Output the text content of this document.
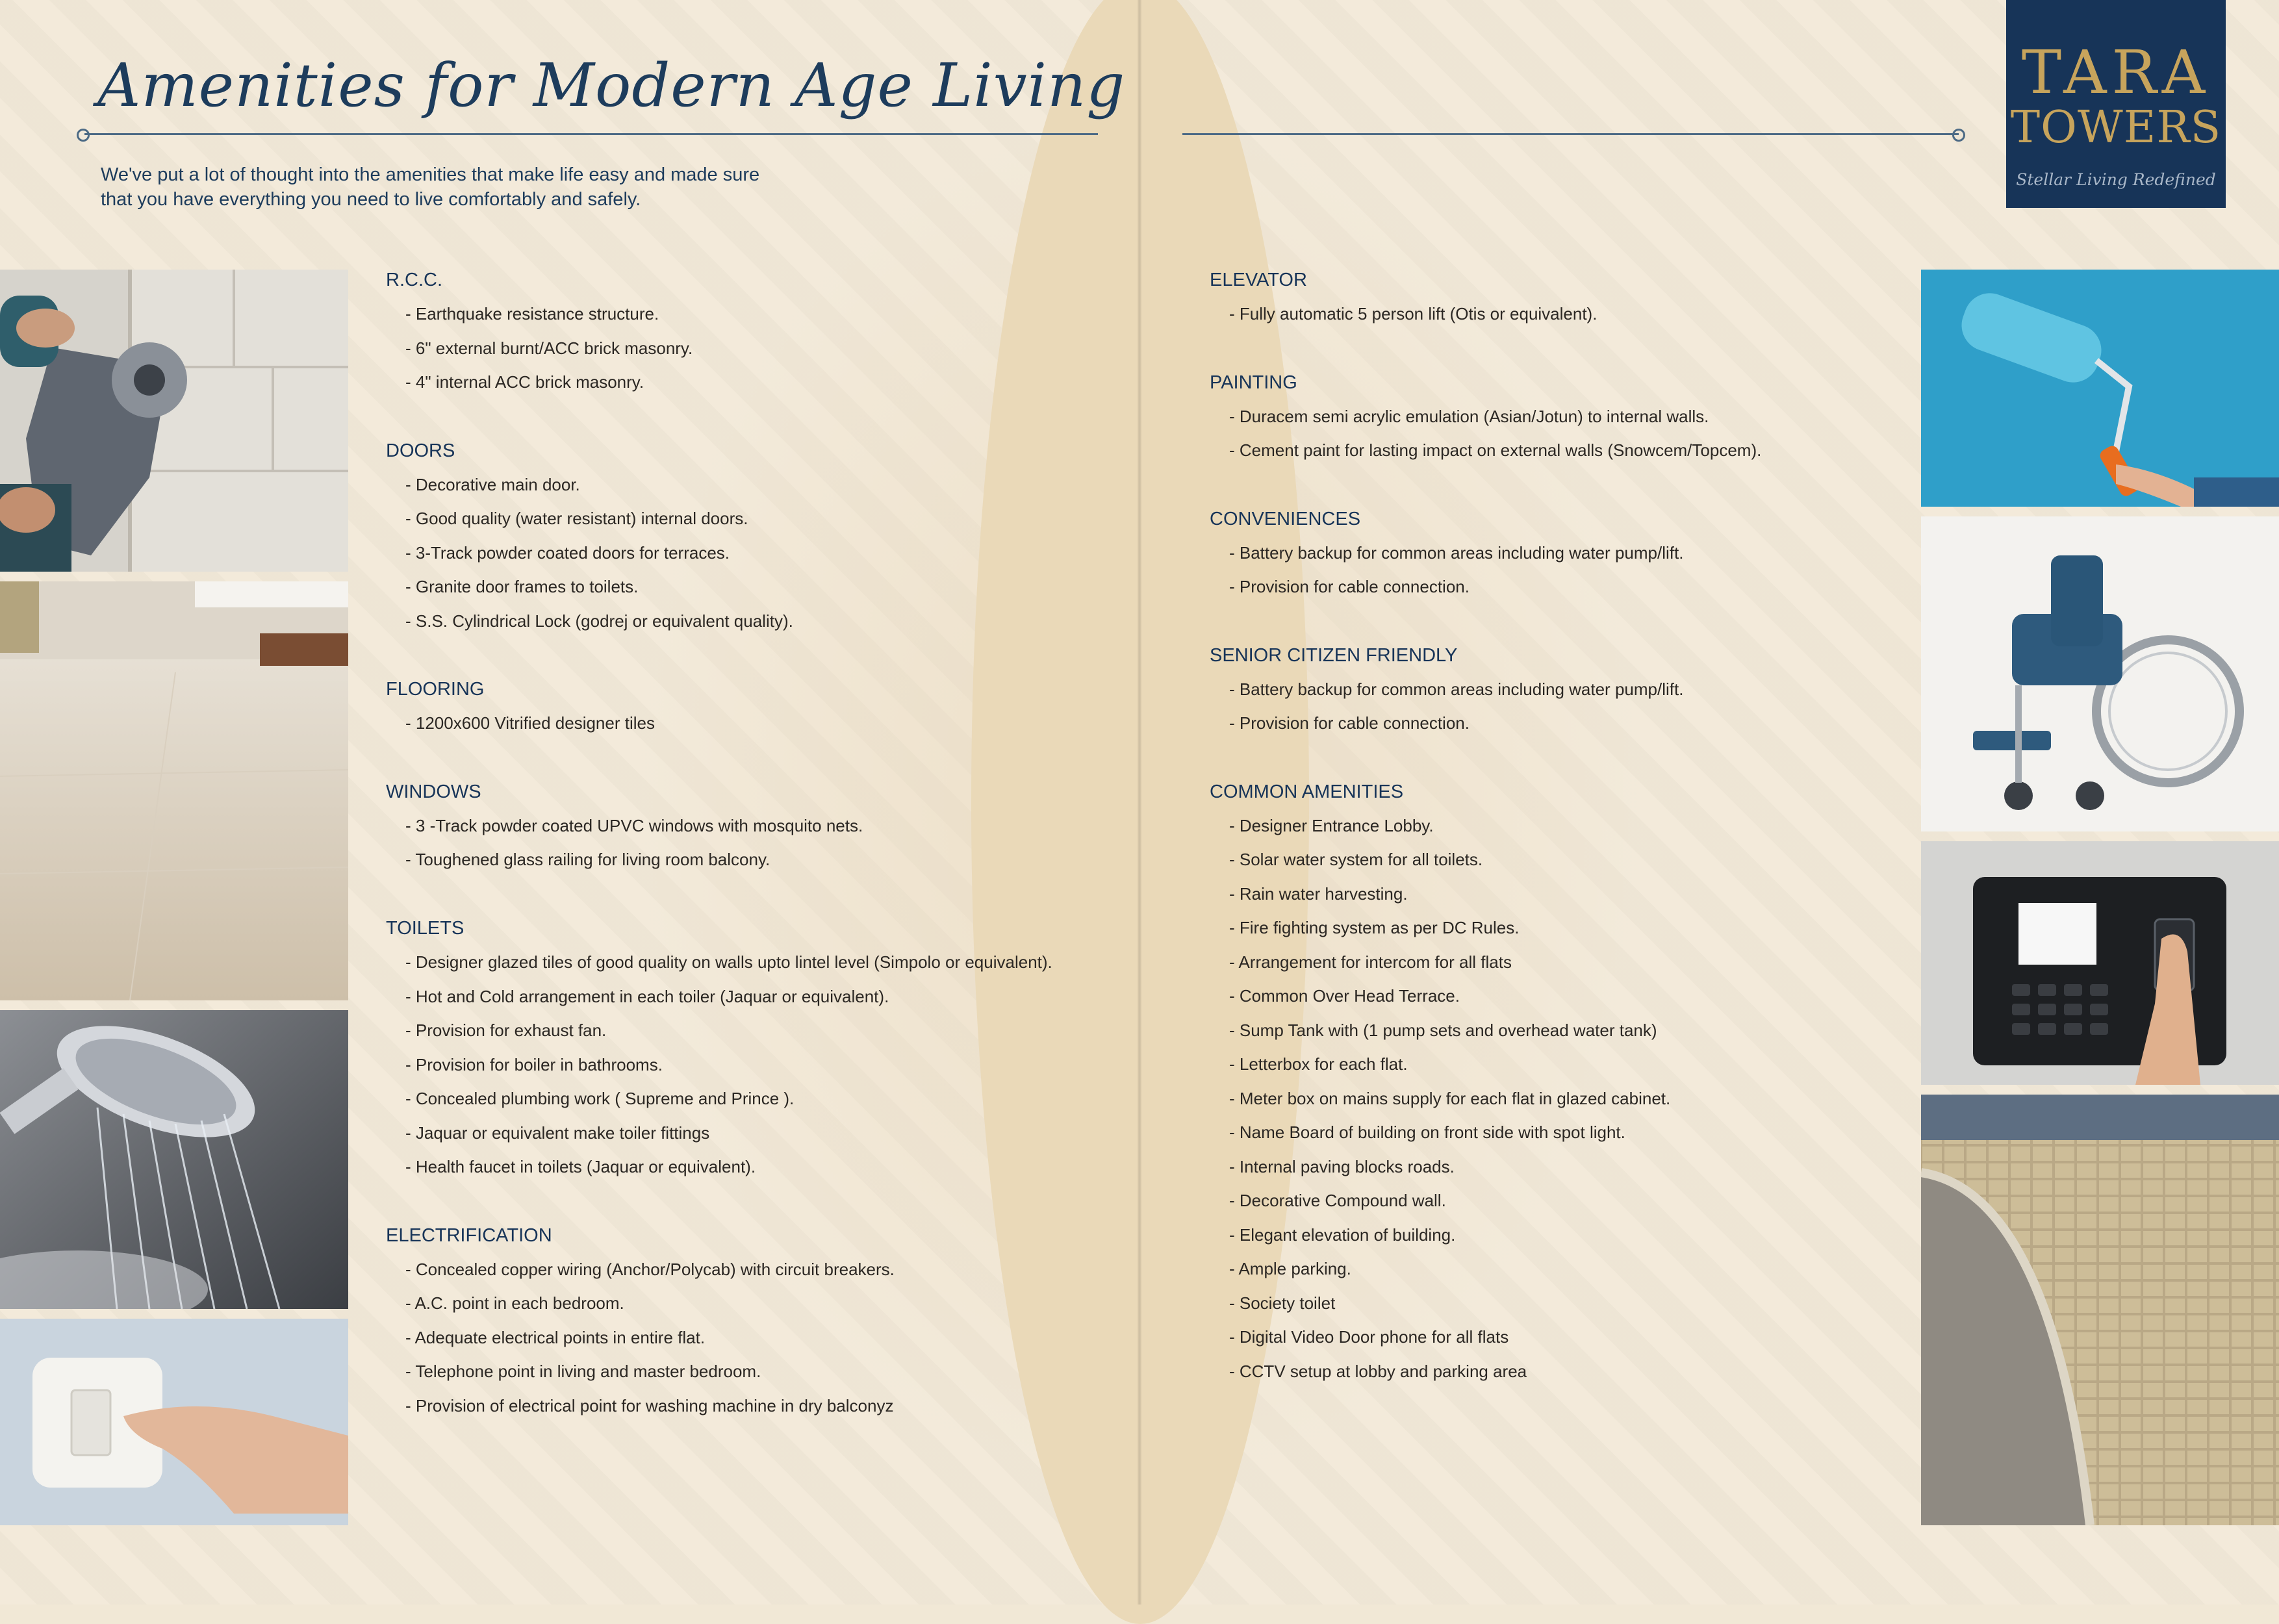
Amenities for Modern Age Living

We've put a lot of thought into the amenities that make life easy and made sure
that you have everything you need to live comfortably and safely.

TARA
TOWERS
Stellar Living Redefined
R.C.C.

- Earthquake resistance structure.

- 6" external burnt/ACC brick masonry.

- 4" internal ACC brick masonry.

DOORS

- Decorative main door.

- Good quality (water resistant) internal doors.

- 3-Track powder coated doors for terraces.

- Granite door frames to toilets.

- S.S. Cylindrical Lock (godrej or equivalent quality).

FLOORING

- 1200x600 Vitrified designer tiles

WINDOWS

- 3 -Track powder coated UPVC windows with mosquito nets.

- Toughened glass railing for living room balcony.

TOILETS

- Designer glazed tiles of good quality on walls upto lintel level (Simpolo or equivalent).

- Hot and Cold arrangement in each toiler (Jaquar or equivalent).

- Provision for exhaust fan.

- Provision for boiler in bathrooms.

- Concealed plumbing work ( Supreme and Prince ).

- Jaquar or equivalent make toiler fittings

- Health faucet in toilets (Jaquar or equivalent).

ELECTRIFICATION

- Concealed copper wiring (Anchor/Polycab) with circuit breakers.

- A.C. point in each bedroom.

- Adequate electrical points in entire flat.

- Telephone point in living and master bedroom.

- Provision of electrical point for washing machine in dry balconyz

ELEVATOR

- Fully automatic 5 person lift (Otis or equivalent).

PAINTING

- Duracem semi acrylic emulation (Asian/Jotun) to internal walls.

- Cement paint for lasting impact on external walls (Snowcem/Topcem).

CONVENIENCES

- Battery backup for common areas including water pump/lift.

- Provision for cable connection.

SENIOR CITIZEN FRIENDLY

- Battery backup for common areas including water pump/lift.

- Provision for cable connection.

COMMON AMENITIES

- Designer Entrance Lobby.

- Solar water system for all toilets.

- Rain water harvesting.

- Fire fighting system as per DC Rules.

- Arrangement for intercom for all flats

- Common Over Head Terrace.

- Sump Tank with (1 pump sets and overhead water tank)

- Letterbox for each flat.

- Meter box on mains supply for each flat in glazed cabinet.

- Name Board of building on front side with spot light.

- Internal paving blocks roads.

- Decorative Compound wall.

- Elegant elevation of building.

- Ample parking.

- Society toilet

- Digital Video Door phone for all flats

- CCTV setup at lobby and parking area
